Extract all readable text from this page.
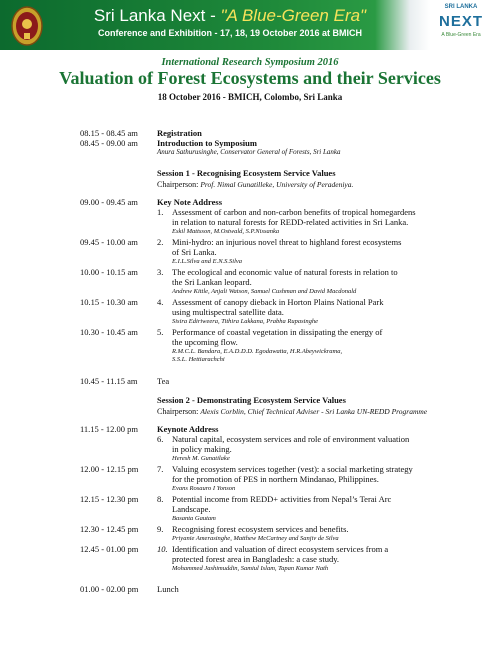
Sri Lanka Next - "A Blue-Green Era"
Conference and Exhibition - 17, 18, 19 October 2016 at BMICH
SRI LANKA
NEXT
A Blue-Green Era
International Research Symposium 2016
Valuation of Forest Ecosystems and their Services
18 October 2016 - BMICH, Colombo, Sri Lanka
08.15 - 08.45 am Registration
08.45 - 09.00 am Introduction to Symposium
Anura Sathurusinghe, Conservator General of Forests, Sri Lanka
Session 1 - Recognising Ecosystem Service Values
Chairperson: Prof. Nimal Gunatilleke, University of Peradeniya.
09.00 - 09.45 am Key Note Address
1.	Assessment of carbon and non-carbon benefits of tropical homegardens
in relation to natural forests for REDD-related activities in Sri Lanka.
Eskil Mattsson, M.Ostwald, S.P.Nissanka
09.45 - 10.00 am 2.	Mini-hydro: an injurious novel threat to highland forest ecosystems
of Sri Lanka.
E.I.L.Silva and E.N.S.Silva
10.00 - 10.15 am 3.	The ecological and economic value of natural forests in relation to
the Sri Lankan leopard.
Andrew Kittle, Anjali Watson, Samuel Cushman and David Macdonald
10.15 - 10.30 am 4.	Assessment of canopy dieback in Horton Plains National Park
using multispectral satellite data.
Sisira Ediriweera, Tithira Lakkana, Prabha Rupasinghe
10.30 - 10.45 am 5.	Performance of coastal vegetation in dissipating the energy of
the upcoming flow.
R.M.C.L. Bandara, E.A.D.D.D. Egodawatta, H.R.Abeywickrama,
S.S.L. Hettiarachchi
10.45 - 11.15 am Tea
Session 2 - Demonstrating Ecosystem Service Values
Chairperson: Alexis Corblin, Chief Technical Adviser - Sri Lanka UN-REDD Programme
11.15 - 12.00 pm Keynote Address
6.	Natural capital, ecosystem services and role of environment valuation
in policy making.
Heresh M. Gunatilake
12.00 - 12.15 pm 7.	Valuing ecosystem services together (vest): a social marketing strategy
for the promotion of PES in northern Mindanao, Philippines.
Evans Rosauro I Yonson
12.15 - 12.30 pm 8.	Potential income from REDD+ activities from Nepal’s Terai Arc
Landscape.
Basanta Gautam
12.30 - 12.45 pm 9.	Recognising forest ecosystem services and benefits.
Priyanie Amerasinghe, Matthew McCartney and Sanjiv de Silva
12.45 - 01.00 pm 10. Identification and valuation of direct ecosystem services from a
protected forest area in Bangladesh: a case study.
Mohammed Jashimuddin, Samiul Islam, Tapan Kumar Nath
01.00 - 02.00 pm Lunch
